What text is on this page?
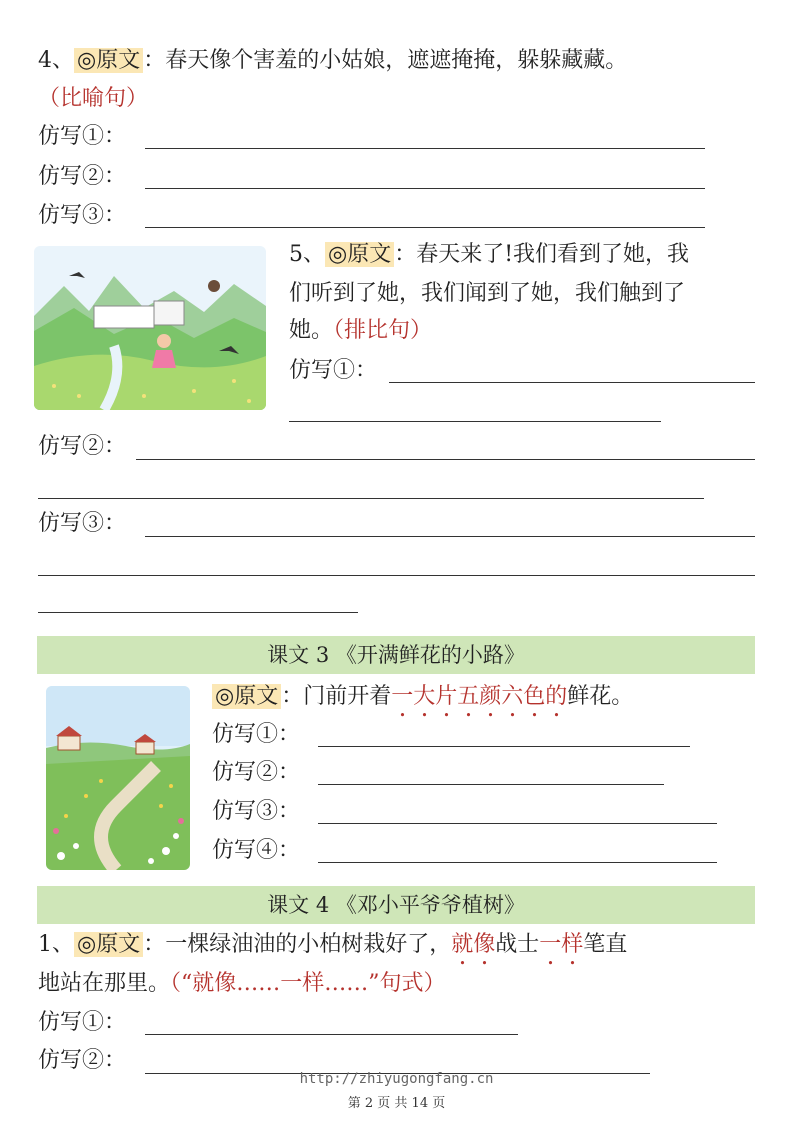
4、 ◎原文 ：春天像个害羞的小姑娘，遮遮掩掩，躲躲藏藏。
（比喻句）
仿写①：
仿写②：
仿写③：
5、 ◎原文 ：春天来了!我们看到了她，我
们听到了她，我们闻到了她，我们触到了
她。（排比句）
仿写①：
仿写②：
仿写③：
课文 3 《开满鲜花的小路》
◎原文 ：门前开着一大片五颜六色的鲜花。
仿写①：
仿写②：
仿写③：
仿写④：
课文 4 《邓小平爷爷植树》
1、 ◎原文 ：一棵绿油油的小柏树栽好了，就像战士一样笔直
地站在那里。（“就像……一样……”句式）
仿写①：
仿写②：
http://zhiyugongfang.cn
第 2 页 共 14 页
